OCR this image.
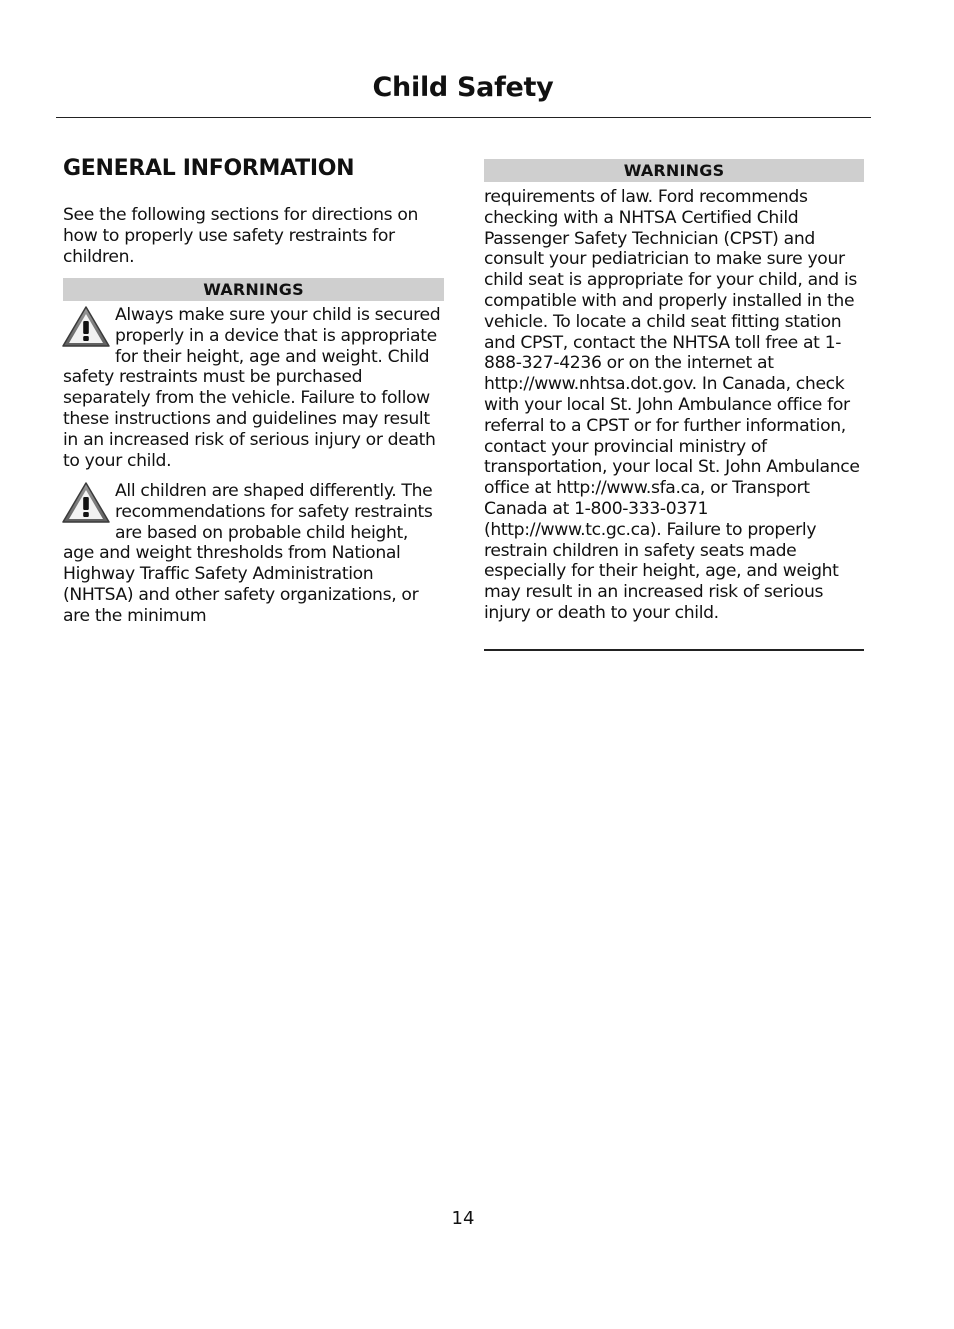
Child Safety
GENERAL INFORMATION
See the following sections for directions on how to properly use safety restraints for children.
WARNINGS
Always make sure your child is secured properly in a device that is appropriate for their height, age and weight. Child safety restraints must be purchased separately from the vehicle. Failure to follow these instructions and guidelines may result in an increased risk of serious injury or death to your child.
All children are shaped differently. The recommendations for safety restraints are based on probable child height, age and weight thresholds from National Highway Traffic Safety Administration (NHTSA) and other safety organizations, or are the minimum
WARNINGS
requirements of law. Ford recommends checking with a NHTSA Certified Child Passenger Safety Technician (CPST) and consult your pediatrician to make sure your child seat is appropriate for your child, and is compatible with and properly installed in the vehicle. To locate a child seat fitting station and CPST, contact the NHTSA toll free at 1-888-327-4236 or on the internet at http://www.nhtsa.dot.gov. In Canada, check with your local St. John Ambulance office for referral to a CPST or for further information, contact your provincial ministry of transportation, your local St. John Ambulance office at http://www.sfa.ca, or Transport Canada at 1-800-333-0371 (http://www.tc.gc.ca). Failure to properly restrain children in safety seats made especially for their height, age, and weight may result in an increased risk of serious injury or death to your child.
14
